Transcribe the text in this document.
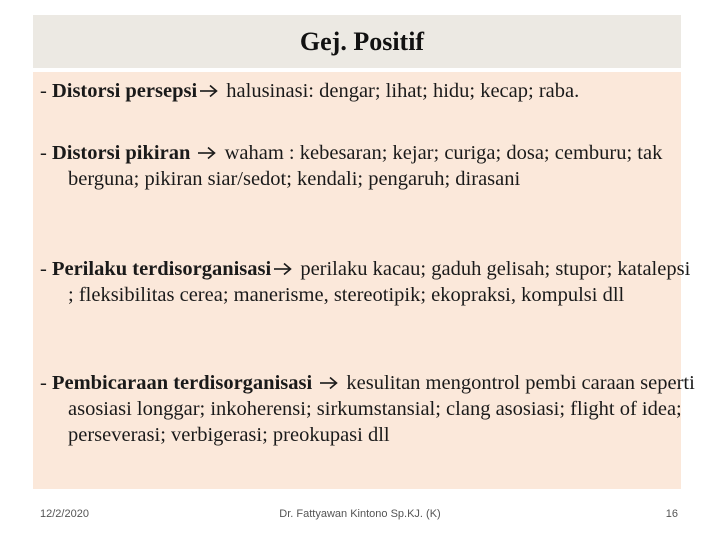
Gej. Positif
- Distorsi persepsi halusinasi: dengar; lihat; hidu; kecap; raba.
- Distorsi pikiran  waham : kebesaran; kejar; curiga; dosa; cemburu; tak berguna; pikiran siar/sedot; kendali; pengaruh; dirasani
- Perilaku terdisorganisasi perilaku kacau; gaduh gelisah; stupor; katalepsi ; fleksibilitas cerea; manerisme, stereotipik; ekopraksi, kompulsi dll
- Pembicaraan terdisorganisasi  kesulitan mengontrol pembi caraan seperti asosiasi longgar; inkoherensi; sirkumstansial; clang asosiasi; flight of idea; perseverasi; verbigerasi; preokupasi dll
12/2/2020	Dr. Fattyawan Kintono Sp.KJ. (K)	16
